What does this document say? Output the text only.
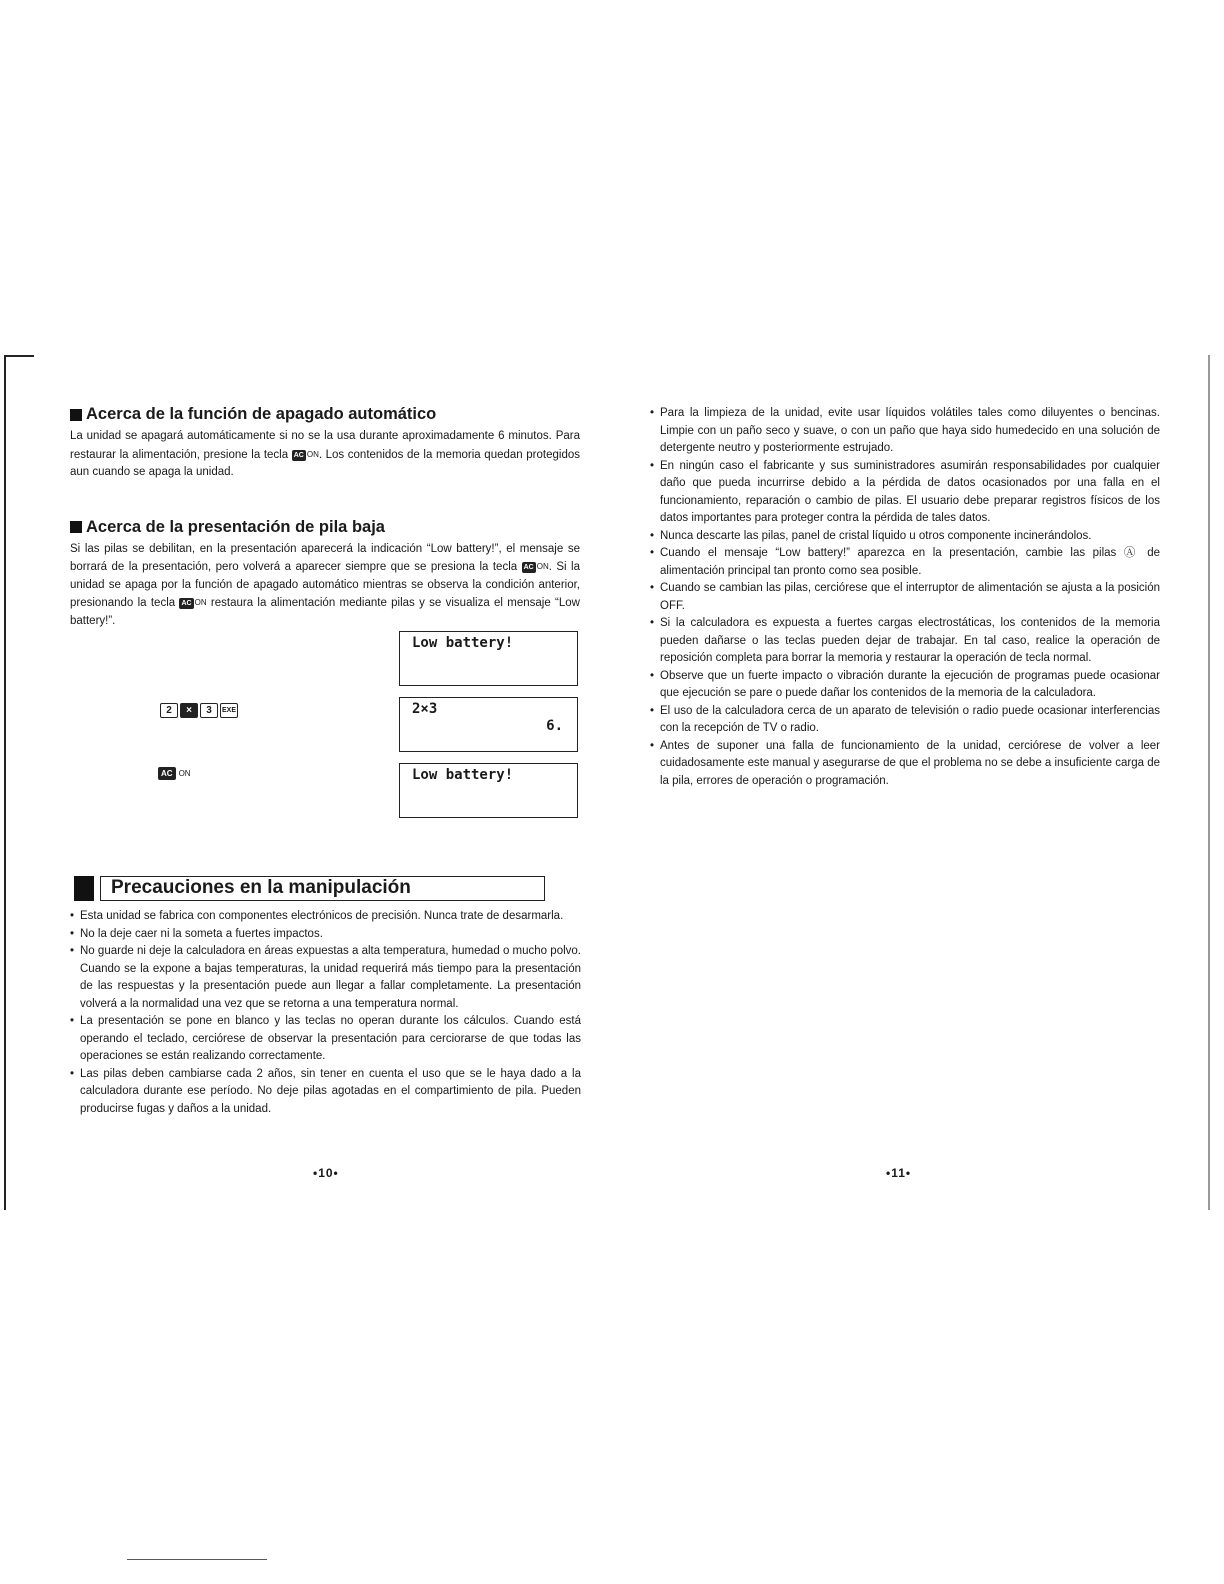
Acerca de la función de apagado automático

La unidad se apagará automáticamente si no se la usa durante aproximadamente 6 minutos. Para restaurar la alimentación, presione la tecla AC ON. Los contenidos de la memoria quedan protegidos aun cuando se apaga la unidad.

Acerca de la presentación de pila baja

Si las pilas se debilitan, en la presentación aparecerá la indicación “Low battery!”, el mensaje se borrará de la presentación, pero volverá a aparecer siempre que se presiona la tecla AC ON. Si la unidad se apaga por la función de apagado automático mientras se observa la condición anterior, presionando la tecla AC ON restaura la alimentación mediante pilas y se visualiza el mensaje “Low battery!”.

Low battery!
2×3
6.
Low battery!
2	×	3	EXE
AC ON
Precauciones en la manipulación
• Esta unidad se fabrica con componentes electrónicos de precisión. Nunca trate de desarmarla.
• No la deje caer ni la someta a fuertes impactos.
• No guarde ni deje la calculadora en áreas expuestas a alta temperatura, humedad o mucho polvo. Cuando se la expone a bajas temperaturas, la unidad requerirá más tiempo para la presentación de las respuestas y la presentación puede aun llegar a fallar completamente. La presentación volverá a la normalidad una vez que se retorna a una temperatura normal.
• La presentación se pone en blanco y las teclas no operan durante los cálculos. Cuando está operando el teclado, cerciórese de observar la presentación para cerciorarse de que todas las operaciones se están realizando correctamente.
• Las pilas deben cambiarse cada 2 años, sin tener en cuenta el uso que se le haya dado a la calculadora durante ese período. No deje pilas agotadas en el compartimiento de pila. Pueden producirse fugas y daños a la unidad.
•10•
• Para la limpieza de la unidad, evite usar líquidos volátiles tales como diluyentes o bencinas. Limpie con un paño seco y suave, o con un paño que haya sido humedecido en una solución de detergente neutro y posteriormente estrujado.
• En ningún caso el fabricante y sus suministradores asumirán responsabilidades por cualquier daño que pueda incurrirse debido a la pérdida de datos ocasionados por una falla en el funcionamiento, reparación o cambio de pilas. El usuario debe preparar registros físicos de los datos importantes para proteger contra la pérdida de tales datos.
• Nunca descarte las pilas, panel de cristal líquido u otros componente incinerándolos.
• Cuando el mensaje “Low battery!” aparezca en la presentación, cambie las pilas Ⓐ de alimentación principal tan pronto como sea posible.
• Cuando se cambian las pilas, cerciórese que el interruptor de alimentación se ajusta a la posición OFF.
• Si la calculadora es expuesta a fuertes cargas electrostáticas, los contenidos de la memoria pueden dañarse o las teclas pueden dejar de trabajar. En tal caso, realice la operación de reposición completa para borrar la memoria y restaurar la operación de tecla normal.
• Observe que un fuerte impacto o vibración durante la ejecución de programas puede ocasionar que ejecución se pare o puede dañar los contenidos de la memoria de la calculadora.
• El uso de la calculadora cerca de un aparato de televisión o radio puede ocasionar interferencias con la recepción de TV o radio.
• Antes de suponer una falla de funcionamiento de la unidad, cerciórese de volver a leer cuidadosamente este manual y asegurarse de que el problema no se debe a insuficiente carga de la pila, errores de operación o programación.
•11•
